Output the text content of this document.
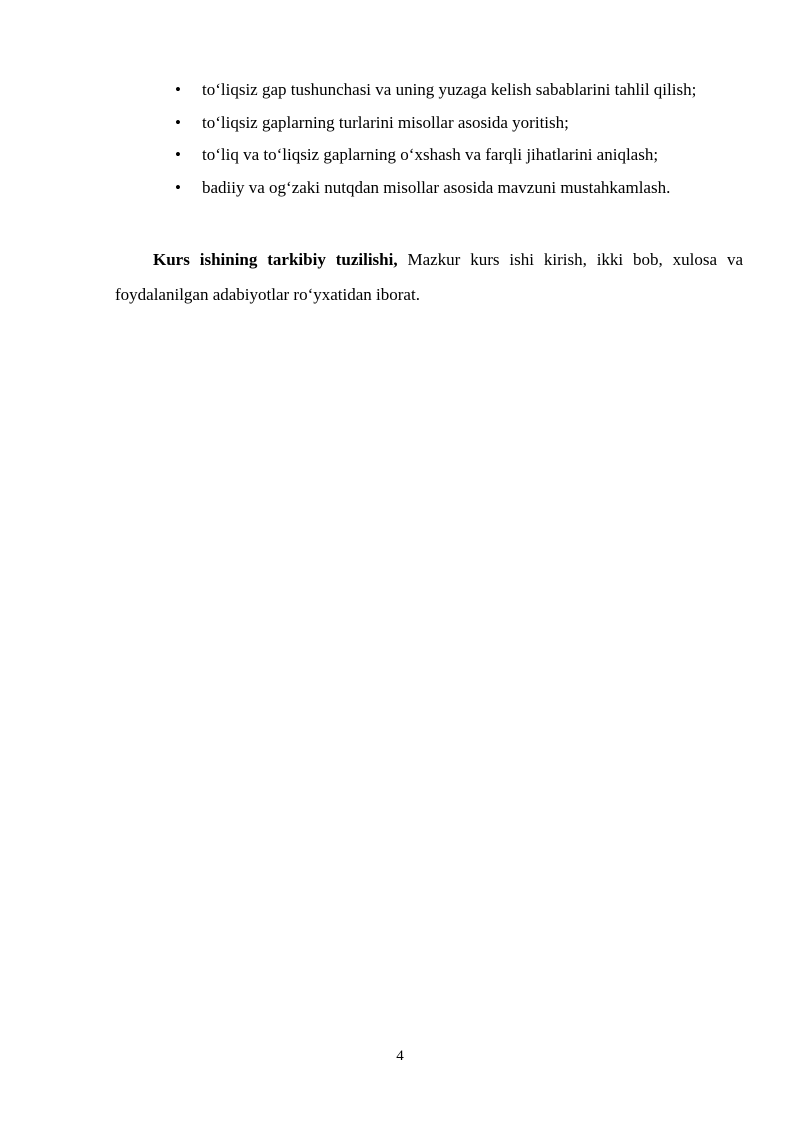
• to‘liqsiz gap tushunchasi va uning yuzaga kelish sabablarini tahlil qilish;
• to‘liqsiz gaplarning turlarini misollar asosida yoritish;
• to‘liq va to‘liqsiz gaplarning o‘xshash va farqli jihatlarini aniqlash;
• badiiy va og‘zaki nutqdan misollar asosida mavzuni mustahkamlash.

Kurs ishining tarkibiy tuzilishi, Mazkur kurs ishi kirish, ikki bob, xulosa va foydalanilgan adabiyotlar ro‘yxatidan iborat.

4
